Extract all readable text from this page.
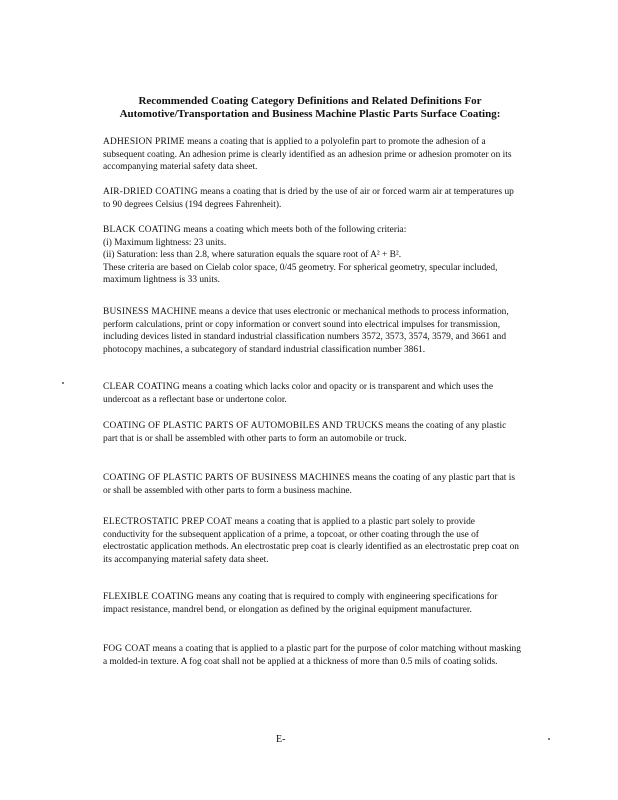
Recommended Coating Category Definitions and Related Definitions For
Automotive/Transportation and Business Machine Plastic Parts Surface Coating:
ADHESION PRIME means a coating that is applied to a polyolefin part to promote the adhesion of a subsequent coating. An adhesion prime is clearly identified as an adhesion prime or adhesion promoter on its accompanying material safety data sheet.
AIR-DRIED COATING means a coating that is dried by the use of air or forced warm air at temperatures up to 90 degrees Celsius (194 degrees Fahrenheit).
BLACK COATING means a coating which meets both of the following criteria:
(i) Maximum lightness: 23 units.
(ii) Saturation: less than 2.8, where saturation equals the square root of A² + B².
These criteria are based on Cielab color space, 0/45 geometry. For spherical geometry, specular included, maximum lightness is 33 units.
BUSINESS MACHINE means a device that uses electronic or mechanical methods to process information, perform calculations, print or copy information or convert sound into electrical impulses for transmission, including devices listed in standard industrial classification numbers 3572, 3573, 3574, 3579, and 3661 and photocopy machines, a subcategory of standard industrial classification number 3861.
CLEAR COATING means a coating which lacks color and opacity or is transparent and which uses the undercoat as a reflectant base or undertone color.
COATING OF PLASTIC PARTS OF AUTOMOBILES AND TRUCKS means the coating of any plastic part that is or shall be assembled with other parts to form an automobile or truck.
COATING OF PLASTIC PARTS OF BUSINESS MACHINES means the coating of any plastic part that is or shall be assembled with other parts to form a business machine.
ELECTROSTATIC PREP COAT means a coating that is applied to a plastic part solely to provide conductivity for the subsequent application of a prime, a topcoat, or other coating through the use of electrostatic application methods. An electrostatic prep coat is clearly identified as an electrostatic prep coat on its accompanying material safety data sheet.
FLEXIBLE COATING means any coating that is required to comply with engineering specifications for impact resistance, mandrel bend, or elongation as defined by the original equipment manufacturer.
FOG COAT means a coating that is applied to a plastic part for the purpose of color matching without masking a molded-in texture. A fog coat shall not be applied at a thickness of more than 0.5 mils of coating solids.
E-
